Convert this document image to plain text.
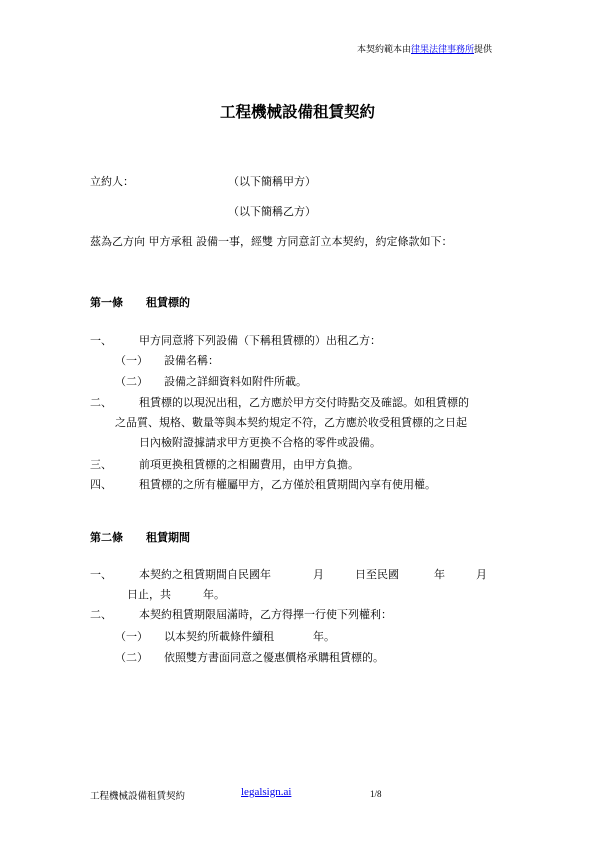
本契約範本由律果法律事務所提供
工程機械設備租賃契約
立約人：	（以下簡稱甲方）
（以下簡稱乙方）
茲為乙方向 甲方承租 設備一事，經雙 方同意訂立本契約，約定條款如下：
第一條 租賃標的
一、 甲方同意將下列設備（下稱租賃標的）出租乙方：
（一） 設備名稱：
（二） 設備之詳細資料如附件所載。
二、 租賃標的以現況出租，乙方應於甲方交付時點交及確認。如租賃標的
之品質、規格、數量等與本契約規定不符，乙方應於收受租賃標的之日起
日內檢附證據請求甲方更換不合格的零件或設備。
三、 前項更換租賃標的之相關費用，由甲方負擔。
四、 租賃標的之所有權屬甲方，乙方僅於租賃期間內享有使用權。
第二條 租賃期間
一、 本契約之租賃期間自民國年	月	日至民國	年	月
日止，共	年。
二、 本契約租賃期限屆滿時，乙方得擇一行使下列權利：
（一） 以本契約所載條件續租	年。
（二） 依照雙方書面同意之優惠價格承購租賃標的。
工程機械設備租賃契約	legalsign.ai	1/8
